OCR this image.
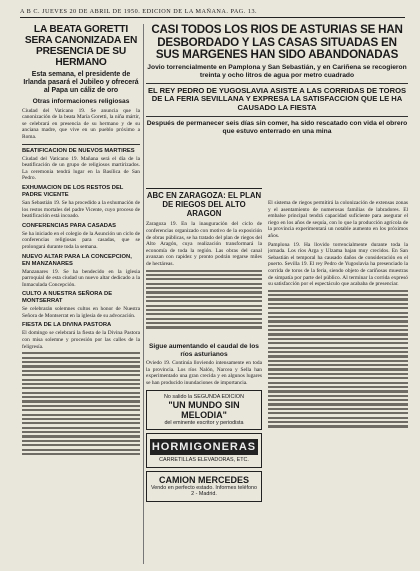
A B C. JUEVES 20 DE ABRIL DE 1950. EDICION DE LA MAÑANA. PAG. 13.

LA BEATA GORETTI SERA CANONIZADA EN PRESENCIA DE SU HERMANO

Esta semana, el presidente de Irlanda pasará el Jubileo y ofrecerá al Papa un cáliz de oro

Otras informaciones religiosas

Ciudad del Vaticano 19. Se anuncia que la canonización de la beata María Goretti, la niña mártir, se celebrará en presencia de su hermano y de su anciana madre, que vive en un pueblo próximo a Roma.

BEATIFICACION DE NUEVOS MARTIRES

Ciudad del Vaticano 19. Mañana será el día de la beatificación de un grupo de religiosos martirizados. La ceremonia tendrá lugar en la Basílica de San Pedro.

EXHUMACION DE LOS RESTOS DEL PADRE VICENTE

San Sebastián 19. Se ha procedido a la exhumación de los restos mortales del padre Vicente, cuyo proceso de beatificación está incoado.

CONFERENCIAS PARA CASADAS

Se ha iniciado en el colegio de la Asunción un ciclo de conferencias religiosas para casadas, que se prolongará durante toda la semana.

NUEVO ALTAR PARA LA CONCEPCION, EN MANZANARES

Manzanares 19. Se ha bendecido en la iglesia parroquial de esta ciudad un nuevo altar dedicado a la Inmaculada Concepción.

CULTO A NUESTRA SEÑORA DE MONTSERRAT

Se celebrarán solemnes cultos en honor de Nuestra Señora de Montserrat en la iglesia de su advocación.

FIESTA DE LA DIVINA PASTORA

El domingo se celebrará la fiesta de la Divina Pastora con misa solemne y procesión por las calles de la feligresía.

CASI TODOS LOS RIOS DE ASTURIAS SE HAN DESBORDADO Y LAS CASAS SITUADAS EN SUS MARGENES HAN SIDO ABANDONADAS

Jovio torrencialmente en Pamplona y San Sebastián, y en Cariñena se recogieron treinta y ocho litros de agua por metro cuadrado

EL REY PEDRO DE YUGOSLAVIA ASISTE A LAS CORRIDAS DE TOROS DE LA FERIA SEVILLANA Y EXPRESA LA SATISFACCION QUE LE HA CAUSADO LA FIESTA

Después de permanecer seis días sin comer, ha sido rescatado con vida el obrero que estuvo enterrado en una mina

ABC EN ZARAGOZA: EL PLAN DE RIEGOS DEL ALTO ARAGON

Zaragoza 19. En la inauguración del ciclo de conferencias organizado con motivo de la exposición de obras públicas, se ha tratado del plan de riegos del Alto Aragón, cuya realización transformará la economía de toda la región. Las obras del canal avanzan con rapidez y pronto podrán regarse miles de hectáreas.

El sistema de riegos permitirá la colonización de extensas zonas y el asentamiento de numerosas familias de labradores. El embalse principal tendrá capacidad suficiente para asegurar el riego en los años de sequía, con lo que la producción agrícola de la provincia experimentará un notable aumento en los próximos años.

Pamplona 19. Ha llovido torrencialmente durante toda la jornada. Los ríos Arga y Ulzama bajan muy crecidos. En San Sebastián el temporal ha causado daños de consideración en el puerto. Sevilla 19. El rey Pedro de Yugoslavia ha presenciado la corrida de toros de la feria, siendo objeto de cariñosas muestras de simpatía por parte del público. Al terminar la corrida expresó su satisfacción por el espectáculo que acababa de presenciar.

Sigue aumentando el caudal de los ríos asturianos

Oviedo 19. Continúa lloviendo intensamente en toda la provincia. Los ríos Nalón, Narcea y Sella han experimentado una gran crecida y en algunos lugares se han producido inundaciones de importancia.

No salido la SEGUNDA EDICION
"UN MUNDO SIN MELODIA"
del eminente escritor y periodista
HORMIGONERAS
CARRETILLAS ELEVADORAS, ETC.
CAMION MERCEDES
Vendo en perfecto estado. Informes teléfono 2 - Madrid.
